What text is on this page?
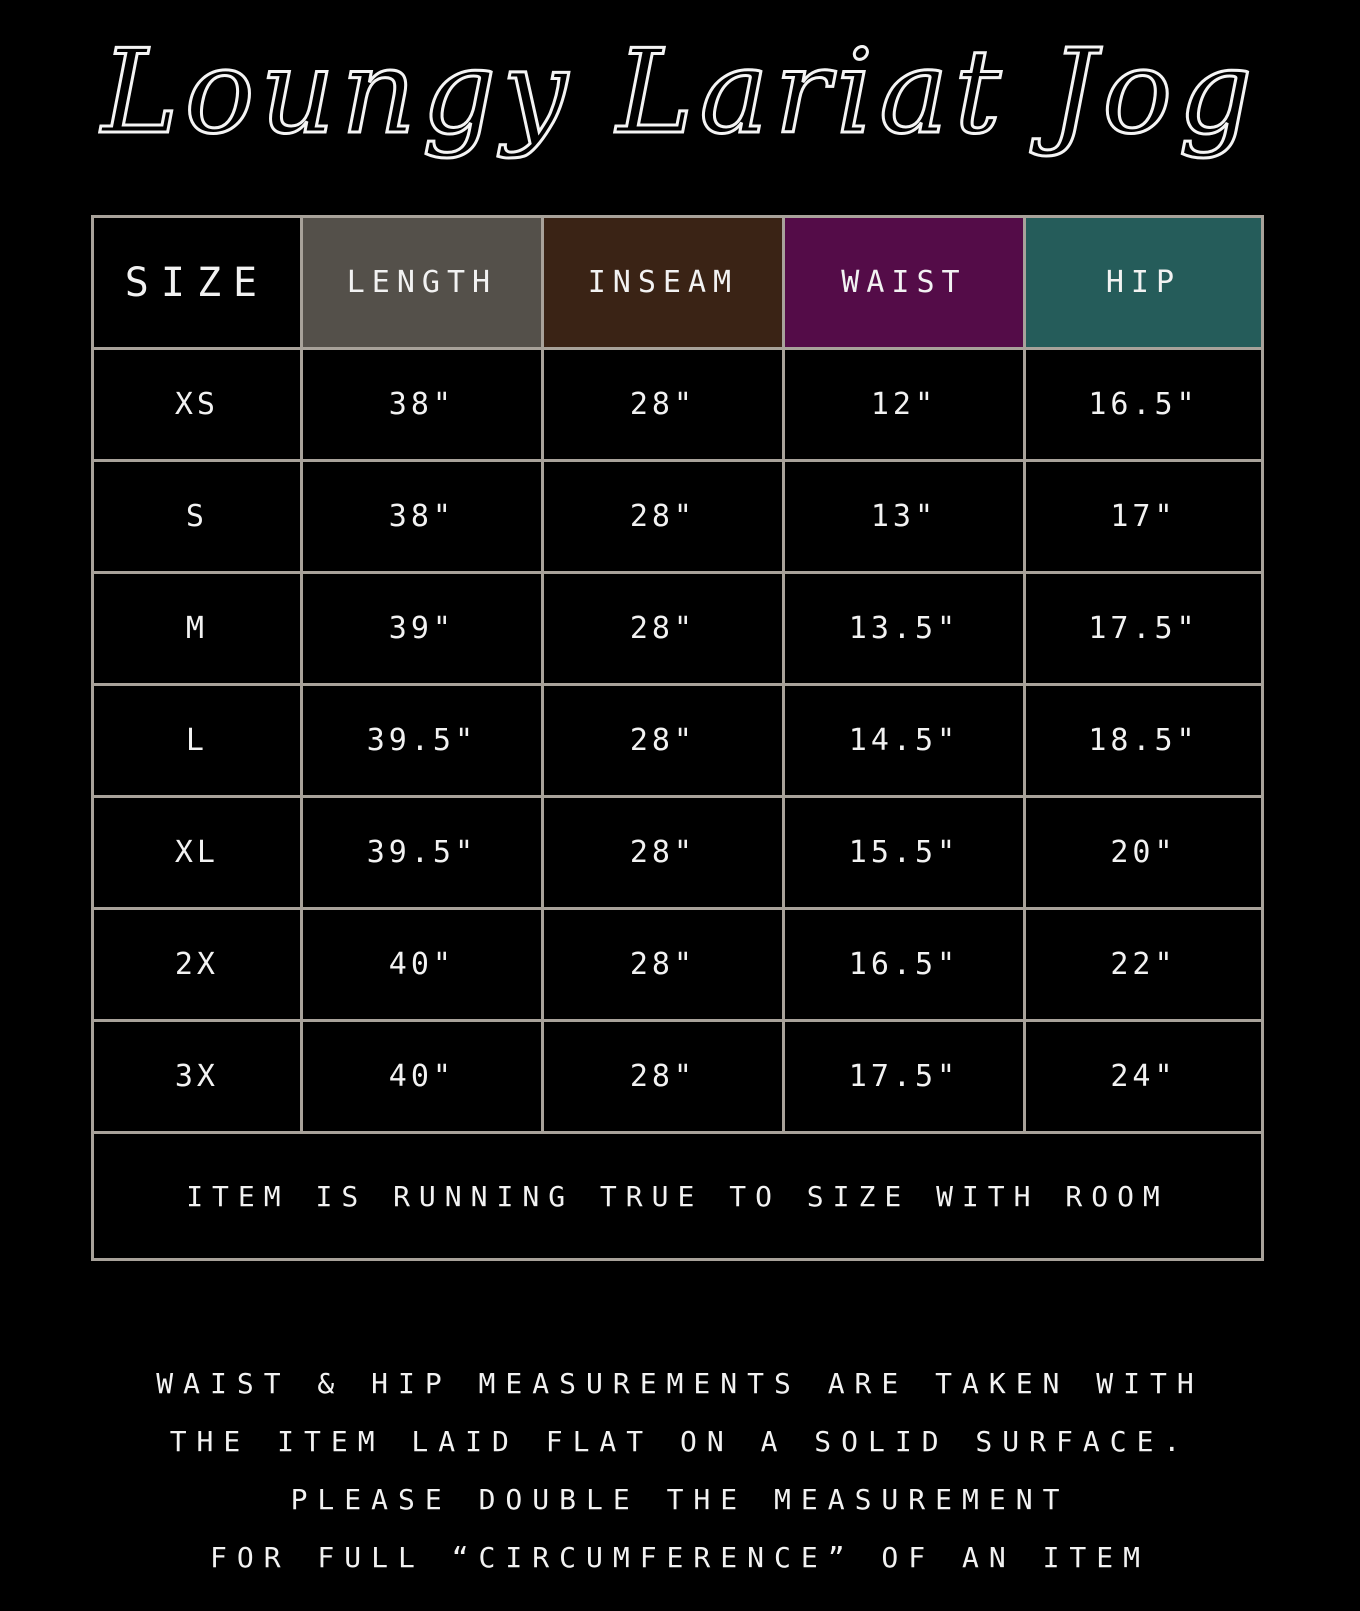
Loungy Lariat Jog
SIZE	LENGTH	INSEAM	WAIST	HIP
XS	38"	28"	12"	16.5"
S	38"	28"	13"	17"
M	39"	28"	13.5"	17.5"
L	39.5"	28"	14.5"	18.5"
XL	39.5"	28"	15.5"	20"
2X	40"	28"	16.5"	22"
3X	40"	28"	17.5"	24"
ITEM IS RUNNING TRUE TO SIZE WITH ROOM				
WAIST & HIP MEASUREMENTS ARE TAKEN WITH
THE ITEM LAID FLAT ON A SOLID SURFACE.
PLEASE DOUBLE THE MEASUREMENT
FOR FULL “CIRCUMFERENCE” OF AN ITEM
